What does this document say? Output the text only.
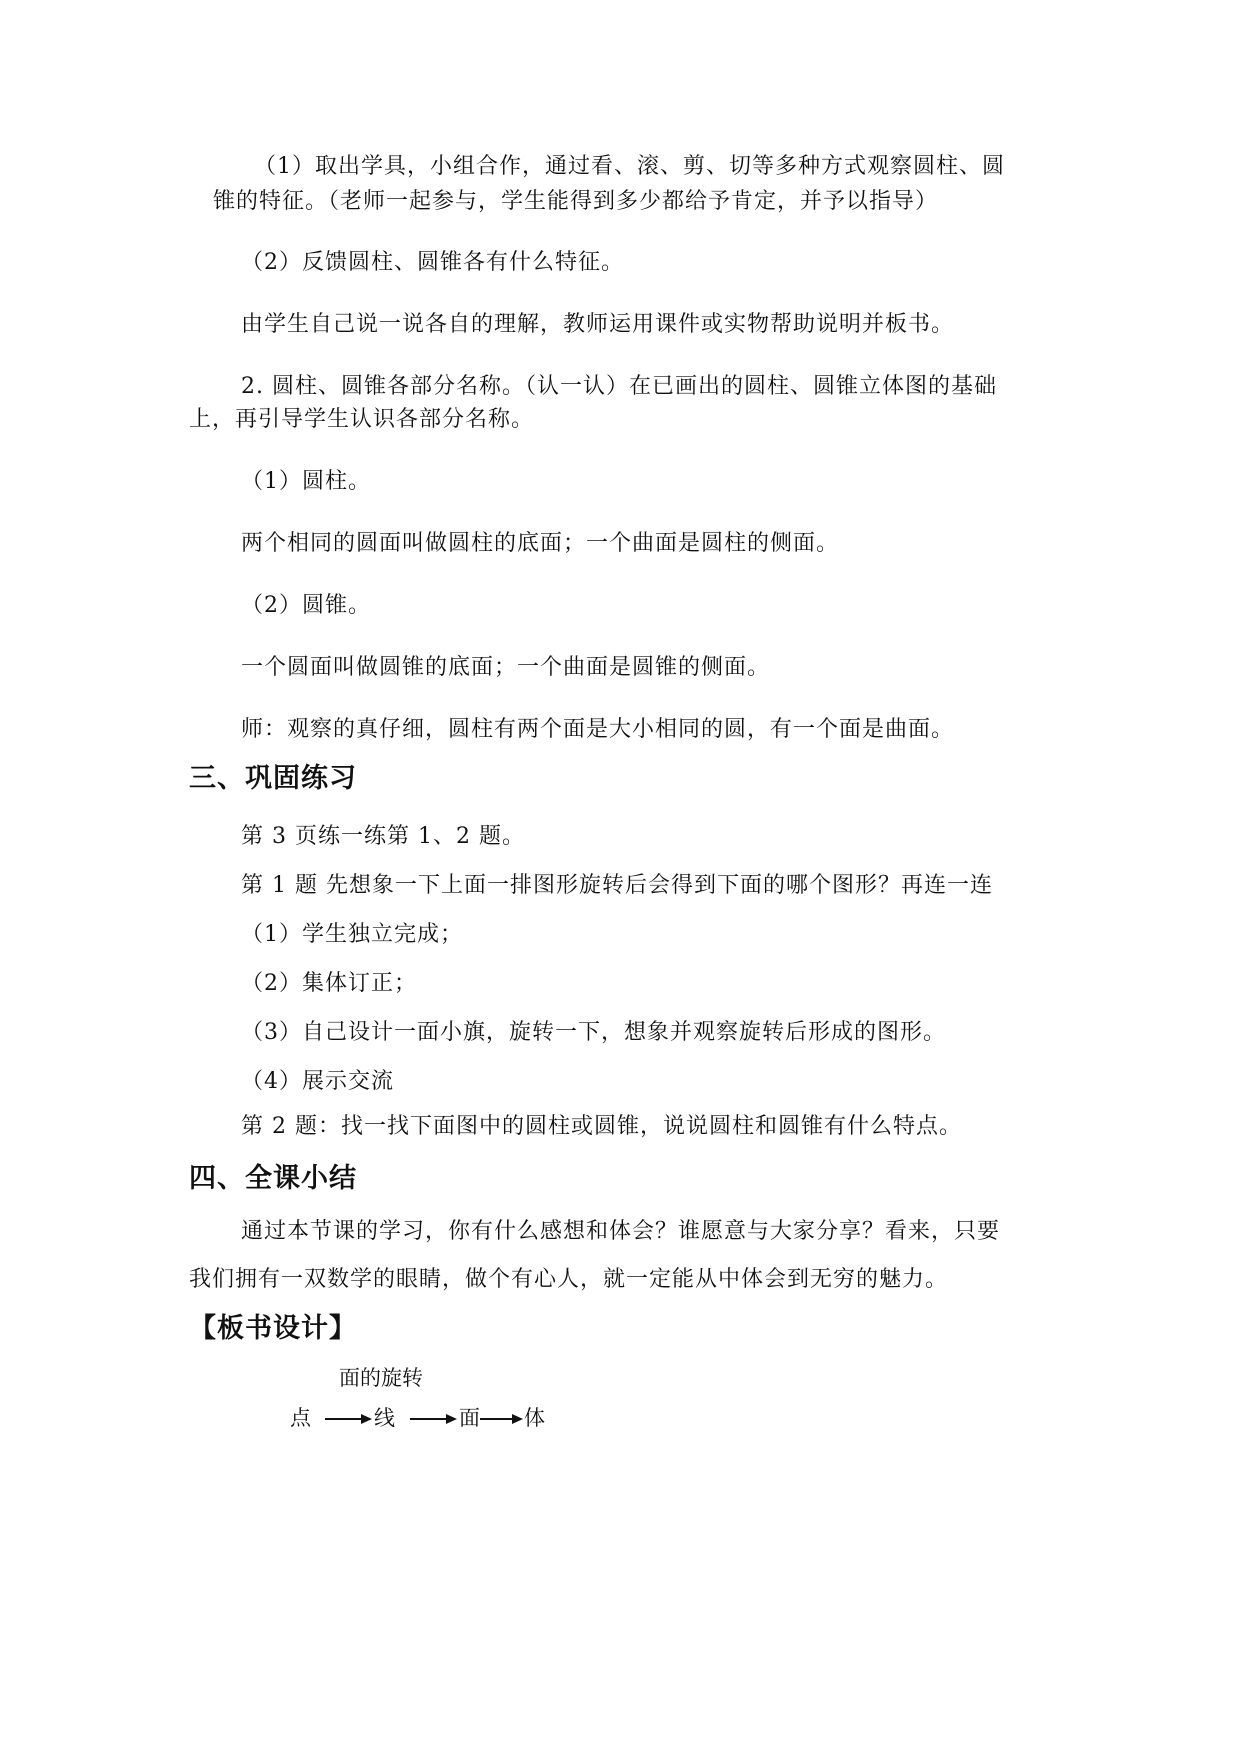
（1）取出学具，小组合作，通过看、滚、剪、切等多种方式观察圆柱、圆
锥的特征。（老师一起参与，学生能得到多少都给予肯定，并予以指导）
（2）反馈圆柱、圆锥各有什么特征。
由学生自己说一说各自的理解，教师运用课件或实物帮助说明并板书。
2. 圆柱、圆锥各部分名称。（认一认）在已画出的圆柱、圆锥立体图的基础
上，再引导学生认识各部分名称。
（1）圆柱。
两个相同的圆面叫做圆柱的底面；一个曲面是圆柱的侧面。
（2）圆锥。
一个圆面叫做圆锥的底面；一个曲面是圆锥的侧面。
师：观察的真仔细，圆柱有两个面是大小相同的圆，有一个面是曲面。
三、巩固练习
第 3 页练一练第 1、2 题。
第 1 题 先想象一下上面一排图形旋转后会得到下面的哪个图形？再连一连
（1）学生独立完成；
（2）集体订正；
（3）自己设计一面小旗，旋转一下，想象并观察旋转后形成的图形。
（4）展示交流
第 2 题：找一找下面图中的圆柱或圆锥，说说圆柱和圆锥有什么特点。
四、全课小结
通过本节课的学习，你有什么感想和体会？谁愿意与大家分享？看来，只要
我们拥有一双数学的眼睛，做个有心人，就一定能从中体会到无穷的魅力。
【板书设计】
面的旋转
点	线	面 体
